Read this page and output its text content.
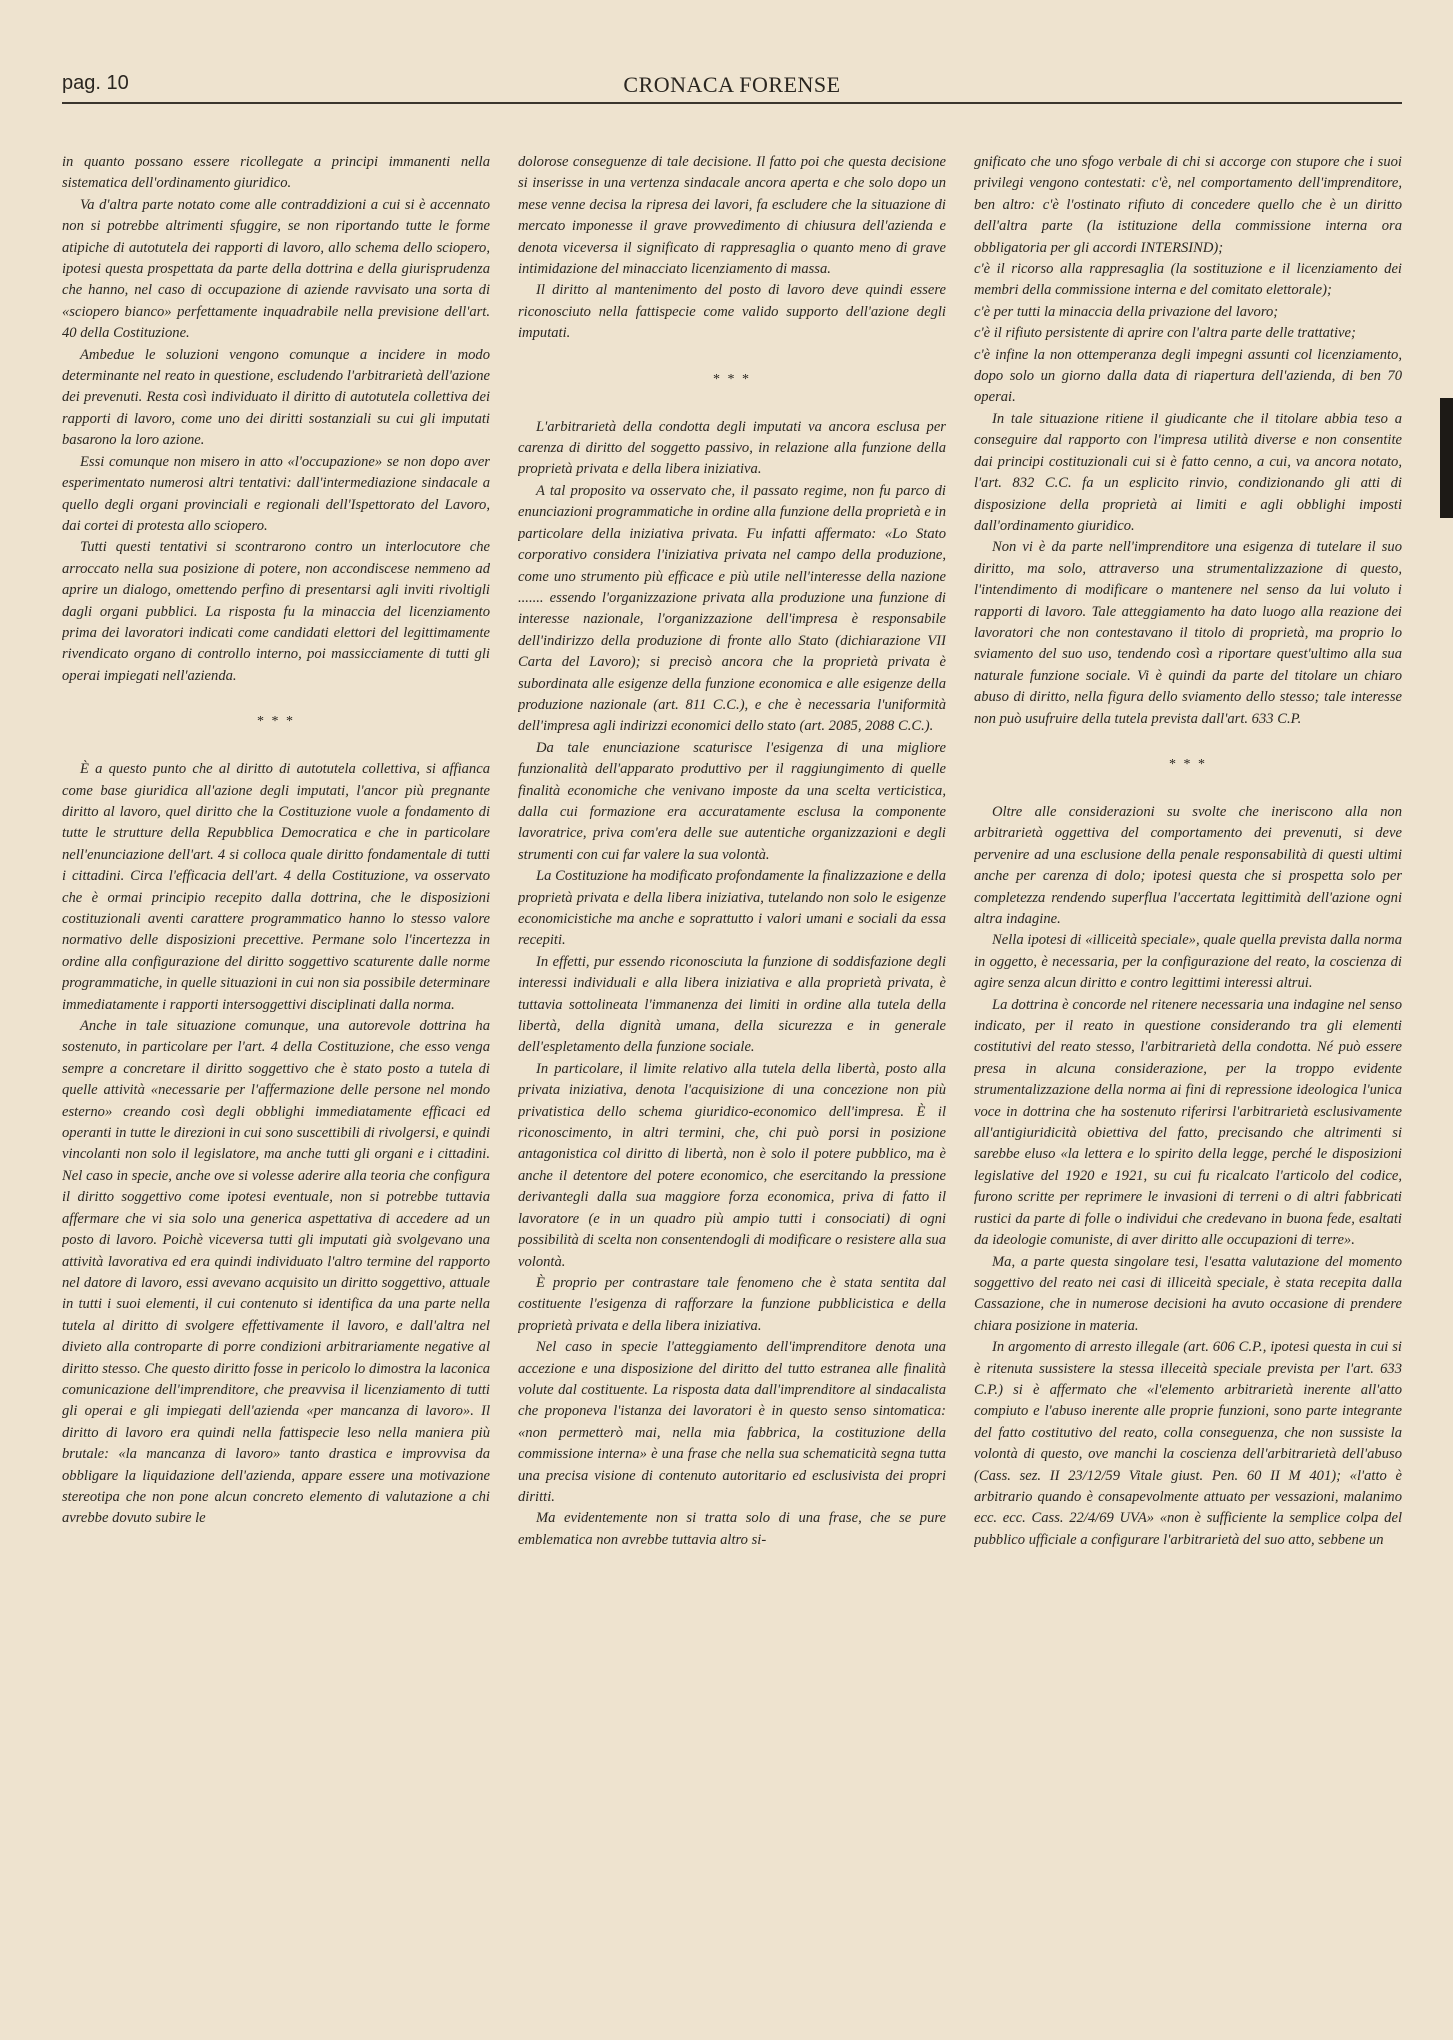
pag. 10	CRONACA FORENSE

in quanto possano essere ricollegate a principi immanenti nella sistematica dell'ordinamento giuridico.

Va d'altra parte notato come alle contraddizioni a cui si è accennato non si potrebbe altrimenti sfuggire, se non riportando tutte le forme atipiche di autotutela dei rapporti di lavoro, allo schema dello sciopero, ipotesi questa prospettata da parte della dottrina e della giurisprudenza che hanno, nel caso di occupazione di aziende ravvisato una sorta di «sciopero bianco» perfettamente inquadrabile nella previsione dell'art. 40 della Costituzione.

Ambedue le soluzioni vengono comunque a incidere in modo determinante nel reato in questione, escludendo l'arbitrarietà dell'azione dei prevenuti. Resta così individuato il diritto di autotutela collettiva dei rapporti di lavoro, come uno dei diritti sostanziali su cui gli imputati basarono la loro azione.

Essi comunque non misero in atto «l'occupazione» se non dopo aver esperimentato numerosi altri tentativi: dall'intermediazione sindacale a quello degli organi provinciali e regionali dell'Ispettorato del Lavoro, dai cortei di protesta allo sciopero.

Tutti questi tentativi si scontrarono contro un interlocutore che arroccato nella sua posizione di potere, non accondiscese nemmeno ad aprire un dialogo, omettendo perfino di presentarsi agli inviti rivoltigli dagli organi pubblici. La risposta fu la minaccia del licenziamento prima dei lavoratori indicati come candidati elettori del legittimamente rivendicato organo di controllo interno, poi massicciamente di tutti gli operai impiegati nell'azienda.

* * *

È a questo punto che al diritto di autotutela collettiva, si affianca come base giuridica all'azione degli imputati, l'ancor più pregnante diritto al lavoro, quel diritto che la Costituzione vuole a fondamento di tutte le strutture della Repubblica Democratica e che in particolare nell'enunciazione dell'art. 4 si colloca quale diritto fondamentale di tutti i cittadini. Circa l'efficacia dell'art. 4 della Costituzione, va osservato che è ormai principio recepito dalla dottrina, che le disposizioni costituzionali aventi carattere programmatico hanno lo stesso valore normativo delle disposizioni precettive. Permane solo l'incertezza in ordine alla configurazione del diritto soggettivo scaturente dalle norme programmatiche, in quelle situazioni in cui non sia possibile determinare immediatamente i rapporti intersoggettivi disciplinati dalla norma.

Anche in tale situazione comunque, una autorevole dottrina ha sostenuto, in particolare per l'art. 4 della Costituzione, che esso venga sempre a concretare il diritto soggettivo che è stato posto a tutela di quelle attività «necessarie per l'affermazione delle persone nel mondo esterno» creando così degli obblighi immediatamente efficaci ed operanti in tutte le direzioni in cui sono suscettibili di rivolgersi, e quindi vincolanti non solo il legislatore, ma anche tutti gli organi e i cittadini. Nel caso in specie, anche ove si volesse aderire alla teoria che configura il diritto soggettivo come ipotesi eventuale, non si potrebbe tuttavia affermare che vi sia solo una generica aspettativa di accedere ad un posto di lavoro. Poichè viceversa tutti gli imputati già svolgevano una attività lavorativa ed era quindi individuato l'altro termine del rapporto nel datore di lavoro, essi avevano acquisito un diritto soggettivo, attuale in tutti i suoi elementi, il cui contenuto si identifica da una parte nella tutela al diritto di svolgere effettivamente il lavoro, e dall'altra nel divieto alla controparte di porre condizioni arbitrariamente negative al diritto stesso. Che questo diritto fosse in pericolo lo dimostra la laconica comunicazione dell'imprenditore, che preavvisa il licenziamento di tutti gli operai e gli impiegati dell'azienda «per mancanza di lavoro». Il diritto di lavoro era quindi nella fattispecie leso nella maniera più brutale: «la mancanza di lavoro» tanto drastica e improvvisa da obbligare la liquidazione dell'azienda, appare essere una motivazione stereotipa che non pone alcun concreto elemento di valutazione a chi avrebbe dovuto subire le

dolorose conseguenze di tale decisione. Il fatto poi che questa decisione si inserisse in una vertenza sindacale ancora aperta e che solo dopo un mese venne decisa la ripresa dei lavori, fa escludere che la situazione di mercato imponesse il grave provvedimento di chiusura dell'azienda e denota viceversa il significato di rappresaglia o quanto meno di grave intimidazione del minacciato licenziamento di massa.

Il diritto al mantenimento del posto di lavoro deve quindi essere riconosciuto nella fattispecie come valido supporto dell'azione degli imputati.

* * *

L'arbitrarietà della condotta degli imputati va ancora esclusa per carenza di diritto del soggetto passivo, in relazione alla funzione della proprietà privata e della libera iniziativa.

A tal proposito va osservato che, il passato regime, non fu parco di enunciazioni programmatiche in ordine alla funzione della proprietà e in particolare della iniziativa privata. Fu infatti affermato: «Lo Stato corporativo considera l'iniziativa privata nel campo della produzione, come uno strumento più efficace e più utile nell'interesse della nazione ....... essendo l'organizzazione privata alla produzione una funzione di interesse nazionale, l'organizzazione dell'impresa è responsabile dell'indirizzo della produzione di fronte allo Stato (dichiarazione VII Carta del Lavoro); si precisò ancora che la proprietà privata è subordinata alle esigenze della funzione economica e alle esigenze della produzione nazionale (art. 811 C.C.), e che è necessaria l'uniformità dell'impresa agli indirizzi economici dello stato (art. 2085, 2088 C.C.).

Da tale enunciazione scaturisce l'esigenza di una migliore funzionalità dell'apparato produttivo per il raggiungimento di quelle finalità economiche che venivano imposte da una scelta verticistica, dalla cui formazione era accuratamente esclusa la componente lavoratrice, priva com'era delle sue autentiche organizzazioni e degli strumenti con cui far valere la sua volontà.

La Costituzione ha modificato profondamente la finalizzazione e della proprietà privata e della libera iniziativa, tutelando non solo le esigenze economicistiche ma anche e soprattutto i valori umani e sociali da essa recepiti.

In effetti, pur essendo riconosciuta la funzione di soddisfazione degli interessi individuali e alla libera iniziativa e alla proprietà privata, è tuttavia sottolineata l'immanenza dei limiti in ordine alla tutela della libertà, della dignità umana, della sicurezza e in generale dell'espletamento della funzione sociale.

In particolare, il limite relativo alla tutela della libertà, posto alla privata iniziativa, denota l'acquisizione di una concezione non più privatistica dello schema giuridico-economico dell'impresa. È il riconoscimento, in altri termini, che, chi può porsi in posizione antagonistica col diritto di libertà, non è solo il potere pubblico, ma è anche il detentore del potere economico, che esercitando la pressione derivantegli dalla sua maggiore forza economica, priva di fatto il lavoratore (e in un quadro più ampio tutti i consociati) di ogni possibilità di scelta non consentendogli di modificare o resistere alla sua volontà.

È proprio per contrastare tale fenomeno che è stata sentita dal costituente l'esigenza di rafforzare la funzione pubblicistica e della proprietà privata e della libera iniziativa.

Nel caso in specie l'atteggiamento dell'imprenditore denota una accezione e una disposizione del diritto del tutto estranea alle finalità volute dal costituente. La risposta data dall'imprenditore al sindacalista che proponeva l'istanza dei lavoratori è in questo senso sintomatica: «non permetterò mai, nella mia fabbrica, la costituzione della commissione interna» è una frase che nella sua schematicità segna tutta una precisa visione di contenuto autoritario ed esclusivista dei propri diritti.

Ma evidentemente non si tratta solo di una frase, che se pure emblematica non avrebbe tuttavia altro si-

gnificato che uno sfogo verbale di chi si accorge con stupore che i suoi privilegi vengono contestati: c'è, nel comportamento dell'imprenditore, ben altro: c'è l'ostinato rifiuto di concedere quello che è un diritto dell'altra parte (la istituzione della commissione interna ora obbligatoria per gli accordi INTERSIND);

c'è il ricorso alla rappresaglia (la sostituzione e il licenziamento dei membri della commissione interna e del comitato elettorale);

c'è per tutti la minaccia della privazione del lavoro;

c'è il rifiuto persistente di aprire con l'altra parte delle trattative;

c'è infine la non ottemperanza degli impegni assunti col licenziamento, dopo solo un giorno dalla data di riapertura dell'azienda, di ben 70 operai.

In tale situazione ritiene il giudicante che il titolare abbia teso a conseguire dal rapporto con l'impresa utilità diverse e non consentite dai principi costituzionali cui si è fatto cenno, a cui, va ancora notato, l'art. 832 C.C. fa un esplicito rinvio, condizionando gli atti di disposizione della proprietà ai limiti e agli obblighi imposti dall'ordinamento giuridico.

Non vi è da parte nell'imprenditore una esigenza di tutelare il suo diritto, ma solo, attraverso una strumentalizzazione di questo, l'intendimento di modificare o mantenere nel senso da lui voluto i rapporti di lavoro. Tale atteggiamento ha dato luogo alla reazione dei lavoratori che non contestavano il titolo di proprietà, ma proprio lo sviamento del suo uso, tendendo così a riportare quest'ultimo alla sua naturale funzione sociale. Vi è quindi da parte del titolare un chiaro abuso di diritto, nella figura dello sviamento dello stesso; tale interesse non può usufruire della tutela prevista dall'art. 633 C.P.

* * *

Oltre alle considerazioni su svolte che ineriscono alla non arbitrarietà oggettiva del comportamento dei prevenuti, si deve pervenire ad una esclusione della penale responsabilità di questi ultimi anche per carenza di dolo; ipotesi questa che si prospetta solo per completezza rendendo superflua l'accertata legittimità dell'azione ogni altra indagine.

Nella ipotesi di «illiceità speciale», quale quella prevista dalla norma in oggetto, è necessaria, per la configurazione del reato, la coscienza di agire senza alcun diritto e contro legittimi interessi altrui.

La dottrina è concorde nel ritenere necessaria una indagine nel senso indicato, per il reato in questione considerando tra gli elementi costitutivi del reato stesso, l'arbitrarietà della condotta. Né può essere presa in alcuna considerazione, per la troppo evidente strumentalizzazione della norma ai fini di repressione ideologica l'unica voce in dottrina che ha sostenuto riferirsi l'arbitrarietà esclusivamente all'antigiuridicità obiettiva del fatto, precisando che altrimenti si sarebbe eluso «la lettera e lo spirito della legge, perché le disposizioni legislative del 1920 e 1921, su cui fu ricalcato l'articolo del codice, furono scritte per reprimere le invasioni di terreni o di altri fabbricati rustici da parte di folle o individui che credevano in buona fede, esaltati da ideologie comuniste, di aver diritto alle occupazioni di terre».

Ma, a parte questa singolare tesi, l'esatta valutazione del momento soggettivo del reato nei casi di illiceità speciale, è stata recepita dalla Cassazione, che in numerose decisioni ha avuto occasione di prendere chiara posizione in materia.

In argomento di arresto illegale (art. 606 C.P., ipotesi questa in cui si è ritenuta sussistere la stessa illeceità speciale prevista per l'art. 633 C.P.) si è affermato che «l'elemento arbitrarietà inerente all'atto compiuto e l'abuso inerente alle proprie funzioni, sono parte integrante del fatto costitutivo del reato, colla conseguenza, che non sussiste la volontà di questo, ove manchi la coscienza dell'arbitrarietà dell'abuso (Cass. sez. II 23/12/59 Vitale giust. Pen. 60 II M 401); «l'atto è arbitrario quando è consapevolmente attuato per vessazioni, malanimo ecc. ecc. Cass. 22/4/69 UVA» «non è sufficiente la semplice colpa del pubblico ufficiale a configurare l'arbitrarietà del suo atto, sebbene un
